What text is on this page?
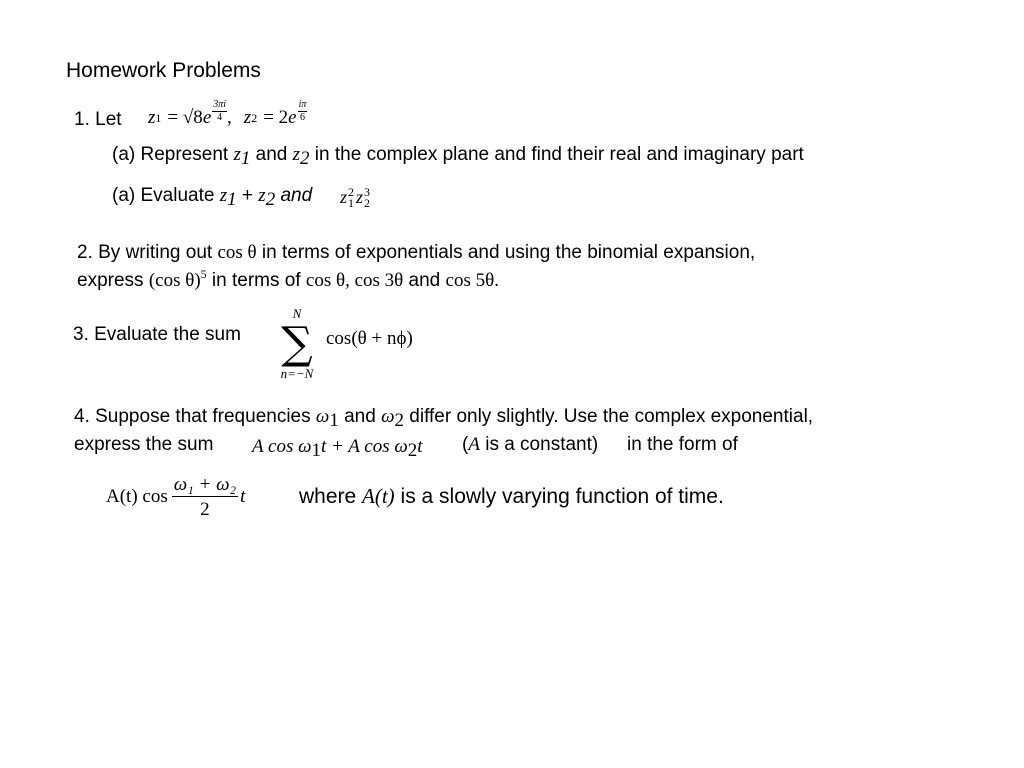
Homework Problems
1. Let z 1 = √8 e $\frac{3\pi i}{4}$ , z 2 = 2 e $\frac{i\pi}{6}$
(a) Represent $z_1$ and $z_2$ in the complex plane and find their real and imaginary part
(a) Evaluate $z_1 + z_2$ and z 2
1 z 3
2
2. By writing out cos θ in terms of exponentials and using the binomial expansion,
express (cos θ)$^5$ in terms of cos θ, cos 3θ and cos 5θ.
3. Evaluate the sum
N
∑
n=−N
cos(θ + nϕ)
4. Suppose that frequencies $\omega_1$ and $\omega_2$ differ only slightly. Use the complex exponential,
express the sum A $\cos \omega_1t + A$ $\cos \omega_2t$ (A is a constant) in the form of
A(t) $\cos \frac{\text{ω₁ + ω₂}}{2}$ t	where A(t) is a slowly varying function of time.
